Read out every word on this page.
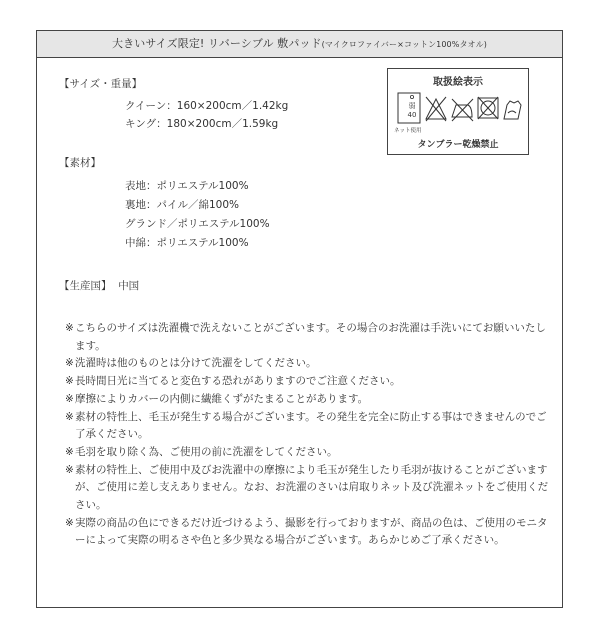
大きいサイズ限定! リバーシブル 敷パッド(マイクロファイバー×コットン100%タオル)
【サイズ・重量】
クイーン：160×200cm／1.42kg
キング：180×200cm／1.59kg
【素材】
表地：ポリエステル100%
裏地：パイル／綿100%
グランド／ポリエステル100%
中綿：ポリエステル100%
【生産国】 中国
取扱絵表示
弱
40
ネット使用
タンブラー乾燥禁止
※ こちらのサイズは洗濯機で洗えないことがございます。その場合のお洗濯は手洗いにてお願いいたします。
※ 洗濯時は他のものとは分けて洗濯をしてください。
※ 長時間日光に当てると変色する恐れがありますのでご注意ください。
※ 摩擦によりカバーの内側に繊維くずがたまることがあります。
※ 素材の特性上、毛玉が発生する場合がございます。その発生を完全に防止する事はできませんのでご了承ください。
※ 毛羽を取り除く為、ご使用の前に洗濯をしてください。
※ 素材の特性上、ご使用中及びお洗濯中の摩擦により毛玉が発生したり毛羽が抜けることがございますが、ご使用に差し支えありません。なお、お洗濯のさいは肩取りネット及び洗濯ネットをご使用ください。
※ 実際の商品の色にできるだけ近づけるよう、撮影を行っておりますが、商品の色は、ご使用のモニターによって実際の明るさや色と多少異なる場合がございます。あらかじめご了承ください。
